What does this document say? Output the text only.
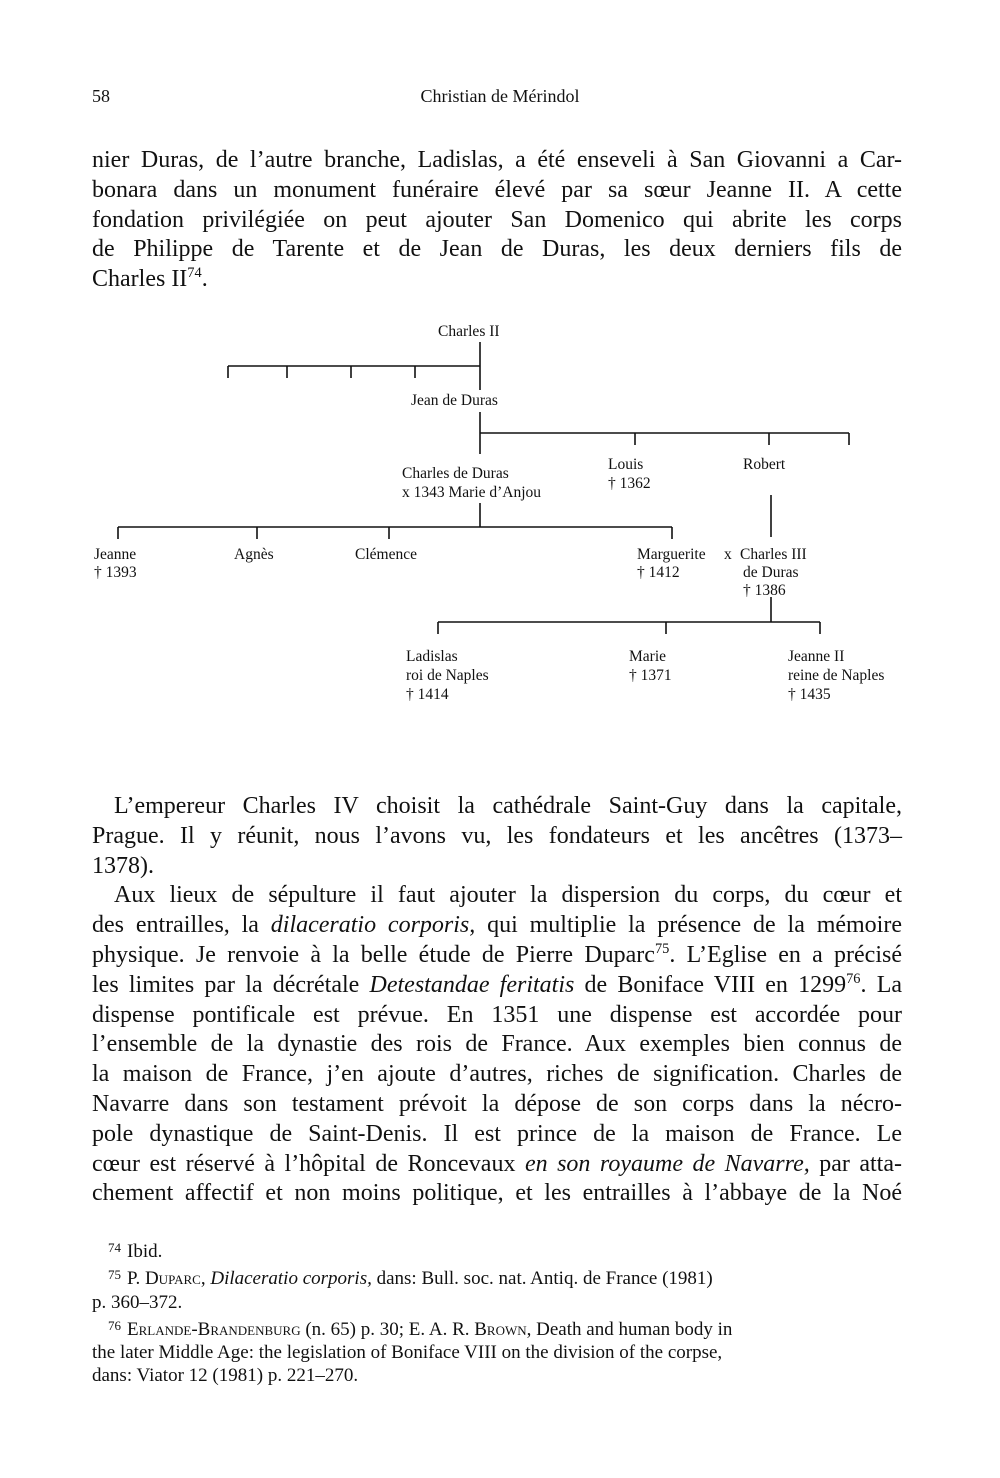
58	Christian de Mérindol

nier Duras, de l’autre branche, Ladislas, a été enseveli à San Giovanni a Car-

bonara dans un monument funéraire élevé par sa sœur Jeanne II. A cette

fondation privilégiée on peut ajouter San Domenico qui abrite les corps

de Philippe de Tarente et de Jean de Duras, les deux derniers fils de

Charles II$^{74}$.

Charles II
Jean de Duras
Charles de Duras
x 1343 Marie d’Anjou
Louis
† 1362
Robert
Jeanne
† 1393
Agnès	Clémence	Marguerite x Charles III
† 1412	de Duras
† 1386
Ladislas
roi de Naples
† 1414
Marie
† 1371
Jeanne II
reine de Naples
† 1435

L’empereur Charles IV choisit la cathédrale Saint-Guy dans la capitale,

Prague. Il y réunit, nous l’avons vu, les fondateurs et les ancêtres (1373–

1378).

Aux lieux de sépulture il faut ajouter la dispersion du corps, du cœur et

des entrailles, la dilaceratio corporis, qui multiplie la présence de la mémoire

physique. Je renvoie à la belle étude de Pierre Duparc$^{75}$. L’Eglise en a précisé

les limites par la décrétale Detestandae feritatis de Boniface VIII en 1299$^{76}$. La

dispense pontificale est prévue. En 1351 une dispense est accordée pour

l’ensemble de la dynastie des rois de France. Aux exemples bien connus de

la maison de France, j’en ajoute d’autres, riches de signification. Charles de

Navarre dans son testament prévoit la dépose de son corps dans la nécro-

pole dynastique de Saint-Denis. Il est prince de la maison de France. Le

cœur est réservé à l’hôpital de Roncevaux en son royaume de Navarre, par atta-

chement affectif et non moins politique, et les entrailles à l’abbaye de la Noé

$^{74}$ Ibid.

$^{75}$ P. Duparc, Dilaceratio corporis, dans: Bull. soc. nat. Antiq. de France (1981)

p. 360–372.

$^{76}$ Erlande-Brandenburg (n. 65) p. 30; E. A. R. Brown, Death and human body in

the later Middle Age: the legislation of Boniface VIII on the division of the corpse,

dans: Viator 12 (1981) p. 221–270.
